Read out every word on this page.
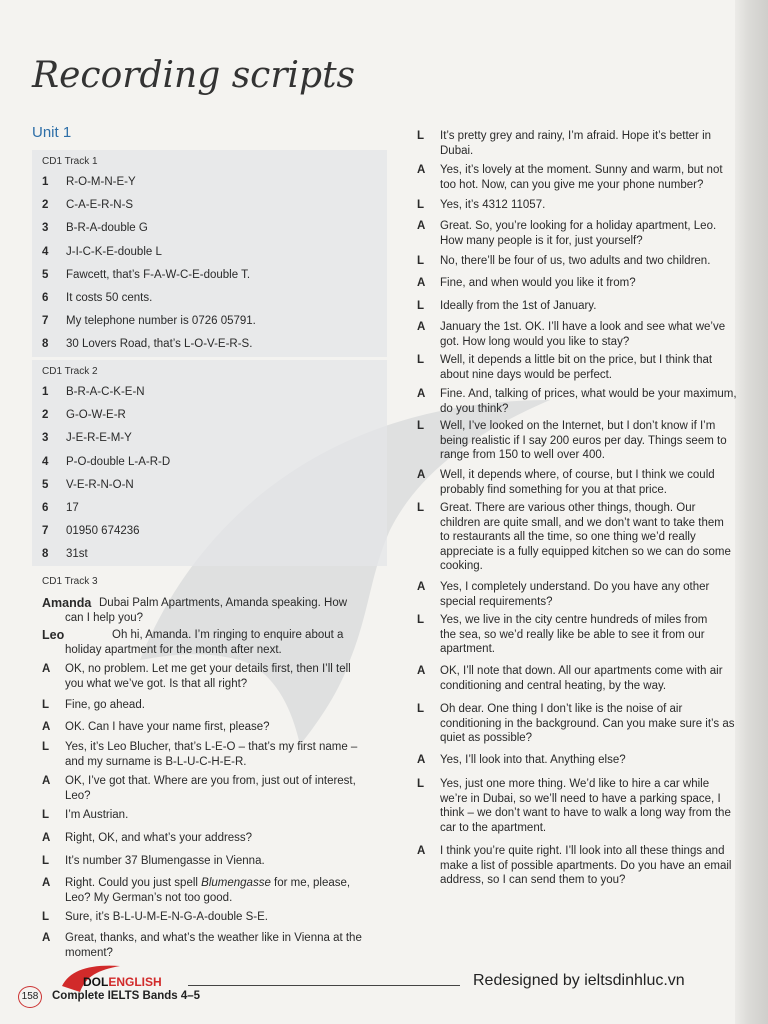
Recording scripts
Unit 1
CD1 Track 1
1	R-O-M-N-E-Y
2	C-A-E-R-N-S
3	B-R-A-double G
4	J-I-C-K-E-double L
5	Fawcett, that’s F-A-W-C-E-double T.
6	It costs 50 cents.
7	My telephone number is 0726 05791.
8	30 Lovers Road, that’s L-O-V-E-R-S.
CD1 Track 2
1	B-R-A-C-K-E-N
2	G-O-W-E-R
3	J-E-R-E-M-Y
4	P-O-double L-A-R-D
5	V-E-R-N-O-N
6	17
7	01950 674236
8	31st
CD1 Track 3
Amanda Dubai Palm Apartments, Amanda speaking. How
can I help you?
Leo	Oh hi, Amanda. I’m ringing to enquire about a
holiday apartment for the month after next.
A OK, no problem. Let me get your details first, then I’ll tell
you what we’ve got. Is that all right?
L Fine, go ahead.
A OK. Can I have your name first, please?
L Yes, it’s Leo Blucher, that’s L-E-O – that’s my first name –
and my surname is B-L-U-C-H-E-R.
A OK, I’ve got that. Where are you from, just out of interest,
Leo?
L I’m Austrian.
A Right, OK, and what’s your address?
L It’s number 37 Blumengasse in Vienna.
A Right. Could you just spell Blumengasse for me, please,
Leo? My German’s not too good.
L Sure, it’s B-L-U-M-E-N-G-A-double S-E.
A Great, thanks, and what’s the weather like in Vienna at the
moment?
L It’s pretty grey and rainy, I’m afraid. Hope it’s better in
Dubai.
A Yes, it’s lovely at the moment. Sunny and warm, but not
too hot. Now, can you give me your phone number?
L Yes, it’s 4312 11057.
A Great. So, you’re looking for a holiday apartment, Leo.
How many people is it for, just yourself?
L No, there’ll be four of us, two adults and two children.
A Fine, and when would you like it from?
L Ideally from the 1st of January.
A January the 1st. OK. I’ll have a look and see what we’ve
got. How long would you like to stay?
L Well, it depends a little bit on the price, but I think that
about nine days would be perfect.
A Fine. And, talking of prices, what would be your maximum,
do you think?
L Well, I’ve looked on the Internet, but I don’t know if I’m
being realistic if I say 200 euros per day. Things seem to
range from 150 to well over 400.
A Well, it depends where, of course, but I think we could
probably find something for you at that price.
L Great. There are various other things, though. Our
children are quite small, and we don’t want to take them
to restaurants all the time, so one thing we’d really
appreciate is a fully equipped kitchen so we can do some
cooking.
A Yes, I completely understand. Do you have any other
special requirements?
L Yes, we live in the city centre hundreds of miles from
the sea, so we’d really like be able to see it from our
apartment.
A OK, I’ll note that down. All our apartments come with air
conditioning and central heating, by the way.
L Oh dear. One thing I don’t like is the noise of air
conditioning in the background. Can you make sure it’s as
quiet as possible?
A Yes, I’ll look into that. Anything else?
L Yes, just one more thing. We’d like to hire a car while
we’re in Dubai, so we’ll need to have a parking space, I
think – we don’t want to have to walk a long way from the
car to the apartment.
A I think you’re quite right. I’ll look into all these things and
make a list of possible apartments. Do you have an email
address, so I can send them to you?
DOLENGLISH	Redesigned by ieltsdinhluc.vn
158	Complete IELTS Bands 4–5
